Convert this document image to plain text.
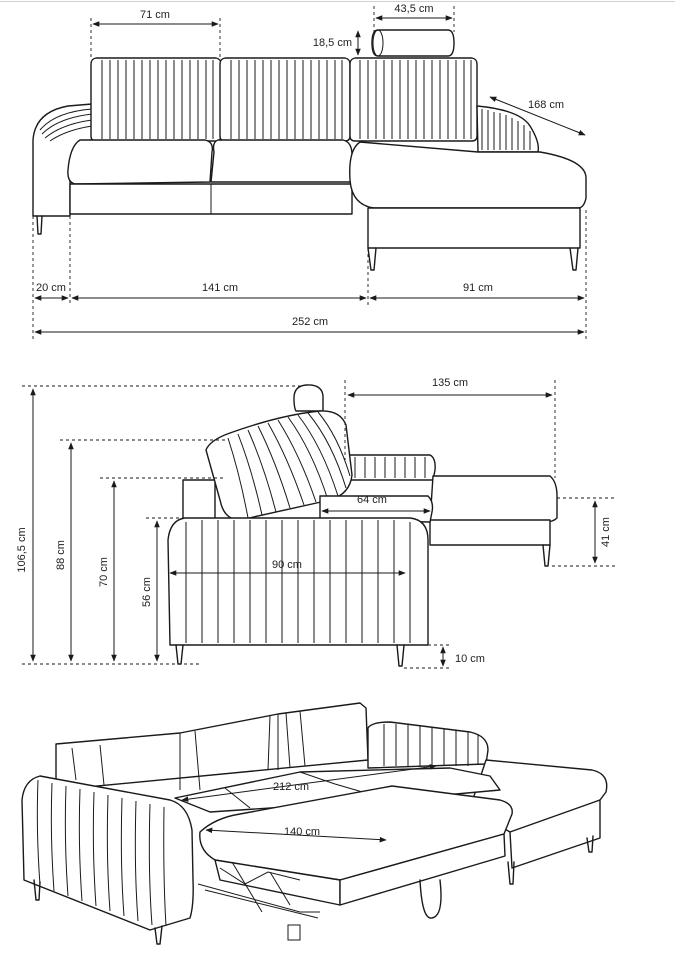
71 cm	43,5 cm
18,5 cm
168 cm
20 cm	141 cm	91 cm
252 cm
135 cm
106,5 cm 88 cm
70 cm
56 cm
64 cm
90 cm
41 cm
10 cm
212 cm
140 cm
